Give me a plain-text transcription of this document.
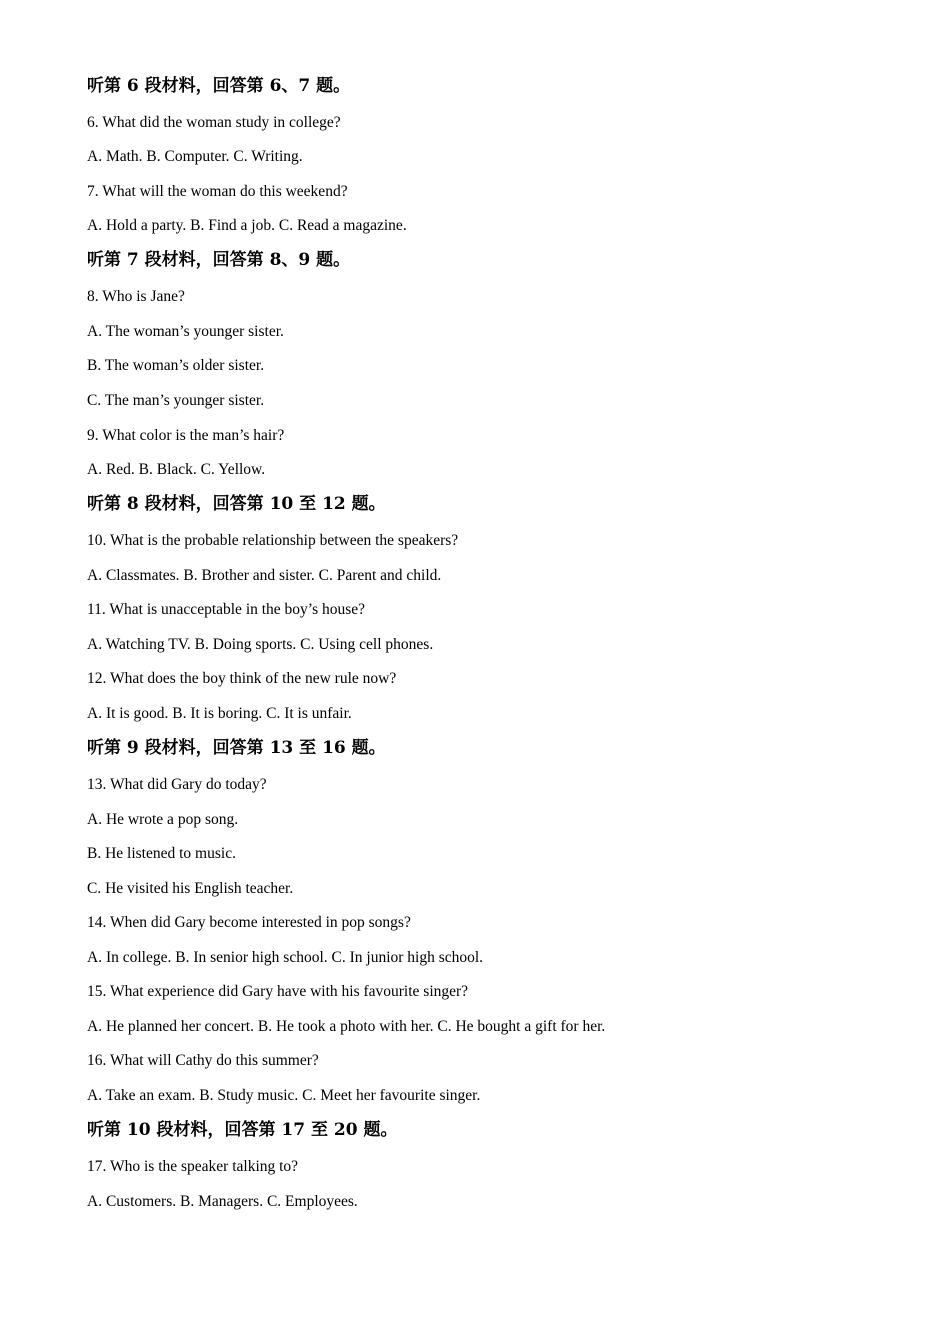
听第 6 段材料，回答第 6、7 题。
6. What did the woman study in college?
A. Math. B. Computer. C. Writing.
7. What will the woman do this weekend?
A. Hold a party. B. Find a job. C. Read a magazine.
听第 7 段材料，回答第 8、9 题。
8. Who is Jane?
A. The woman’s younger sister.
B. The woman’s older sister.
C. The man’s younger sister.
9. What color is the man’s hair?
A. Red. B. Black. C. Yellow.
听第 8 段材料，回答第 10 至 12 题。
10. What is the probable relationship between the speakers?
A. Classmates. B. Brother and sister. C. Parent and child.
11. What is unacceptable in the boy’s house?
A. Watching TV. B. Doing sports. C. Using cell phones.
12. What does the boy think of the new rule now?
A. It is good. B. It is boring. C. It is unfair.
听第 9 段材料，回答第 13 至 16 题。
13. What did Gary do today?
A. He wrote a pop song.
B. He listened to music.
C. He visited his English teacher.
14. When did Gary become interested in pop songs?
A. In college. B. In senior high school. C. In junior high school.
15. What experience did Gary have with his favourite singer?
A. He planned her concert. B. He took a photo with her. C. He bought a gift for her.
16. What will Cathy do this summer?
A. Take an exam. B. Study music. C. Meet her favourite singer.
听第 10 段材料，回答第 17 至 20 题。
17. Who is the speaker talking to?
A. Customers. B. Managers. C. Employees.
